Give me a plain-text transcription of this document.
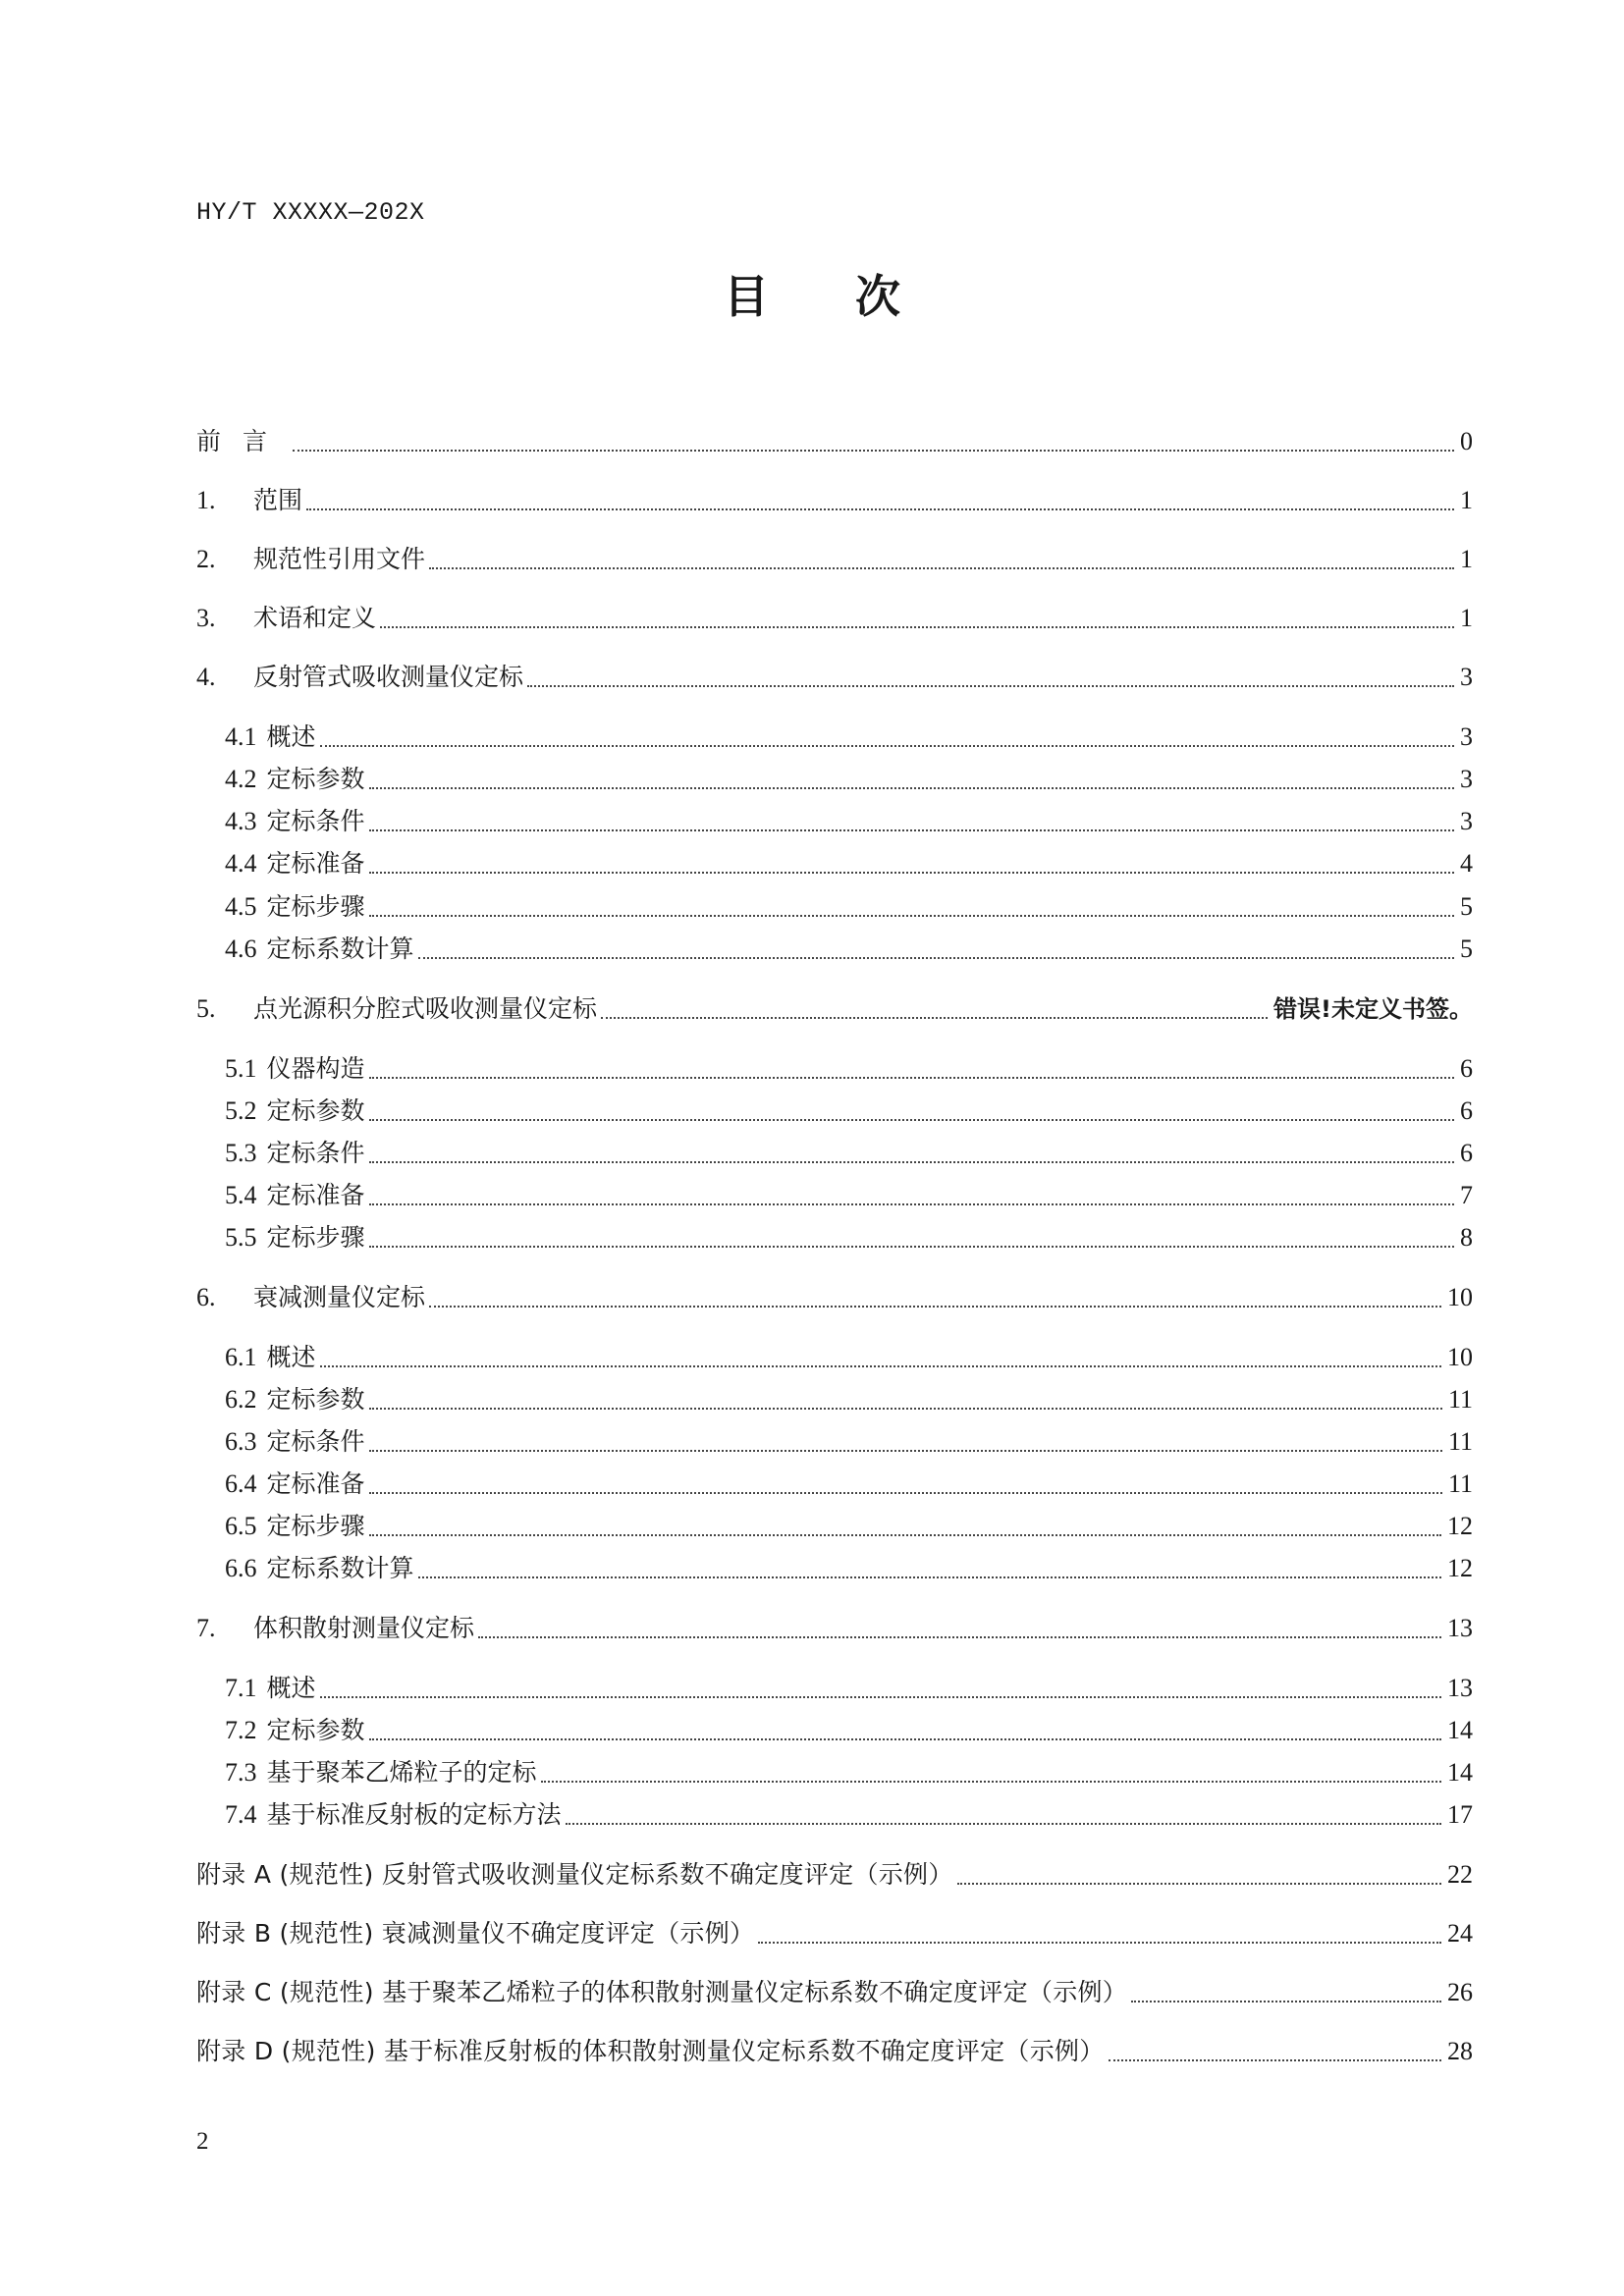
HY/T XXXXX—202X
目次
前言	0
1.	范围	1
2.	规范性引用文件	1
3.	术语和定义	1
4.	反射管式吸收测量仪定标	3
4.1 概述	3
4.2 定标参数	3
4.3 定标条件	3
4.4 定标准备	4
4.5 定标步骤	5
4.6 定标系数计算	5
5.	点光源积分腔式吸收测量仪定标	错误!未定义书签。
5.1 仪器构造	6
5.2 定标参数	6
5.3 定标条件	6
5.4 定标准备	7
5.5 定标步骤	8
6.	衰减测量仪定标	10
6.1 概述	10
6.2 定标参数	11
6.3 定标条件	11
6.4 定标准备	11
6.5 定标步骤	12
6.6 定标系数计算	12
7.	体积散射测量仪定标	13
7.1 概述	13
7.2 定标参数	14
7.3 基于聚苯乙烯粒子的定标	14
7.4 基于标准反射板的定标方法	17
附录 A (规范性) 反射管式吸收测量仪定标系数不确定度评定（示例）	22
附录 B (规范性) 衰减测量仪不确定度评定（示例）	24
附录 C (规范性) 基于聚苯乙烯粒子的体积散射测量仪定标系数不确定度评定（示例）	26
附录 D (规范性) 基于标准反射板的体积散射测量仪定标系数不确定度评定（示例）	28
2
